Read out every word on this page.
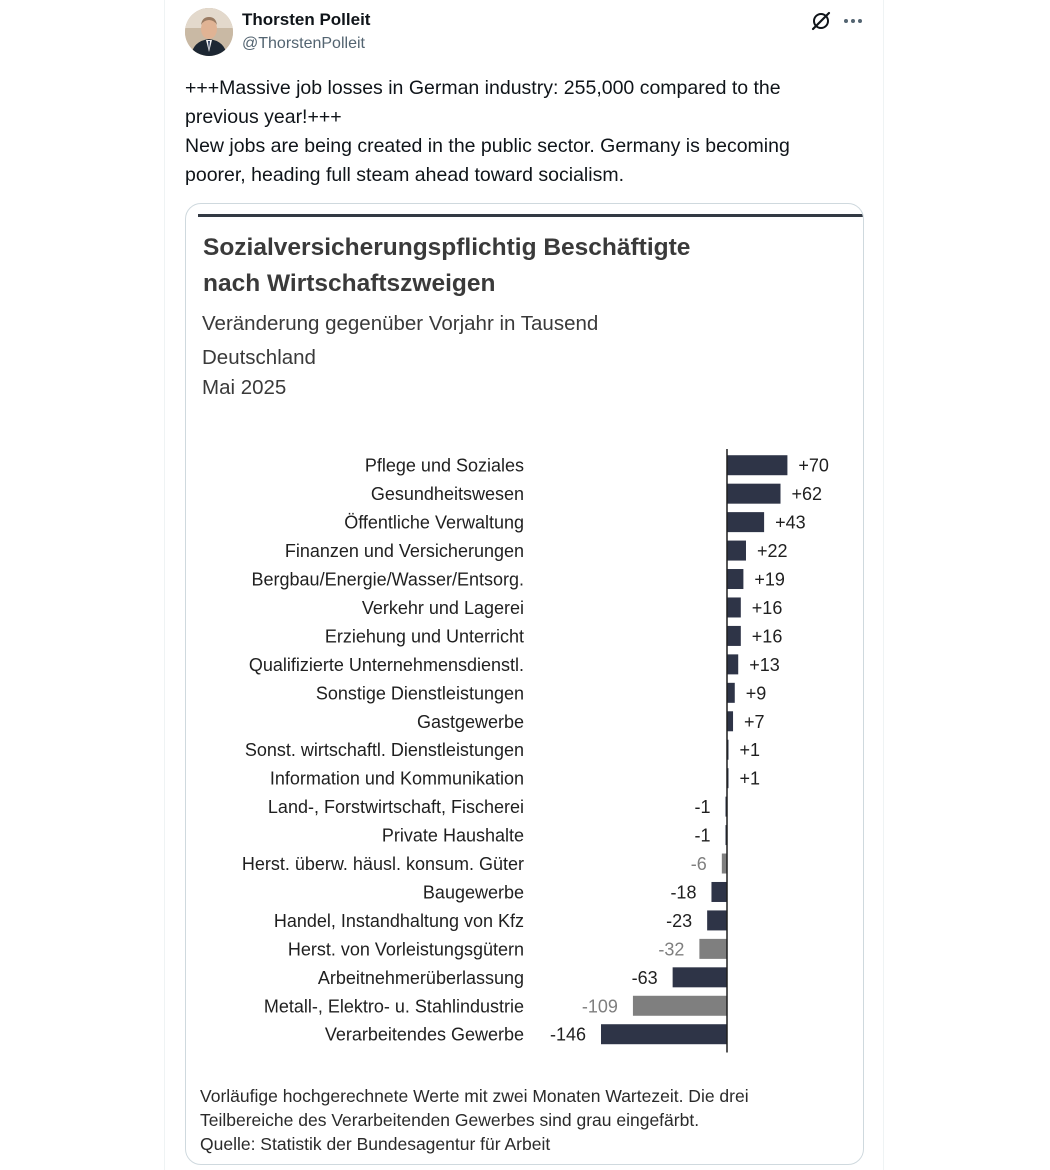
Thorsten Polleit
@ThorstenPolleit
+++Massive job losses in German industry: 255,000 compared to the
previous year!+++
New jobs are being created in the public sector. Germany is becoming
poorer, heading full steam ahead toward socialism.
Sozialversicherungspflichtig Beschäftigte
nach Wirtschaftszweigen
Veränderung gegenüber Vorjahr in Tausend
Deutschland
Mai 2025
Pflege und Soziales	+70
Gesundheitswesen	+62
Öffentliche Verwaltung	+43
Finanzen und Versicherungen	+22
Bergbau/Energie/Wasser/Entsorg.	+19
Verkehr und Lagerei	+16
Erziehung und Unterricht	+16
Qualifizierte Unternehmensdienstl.	+13
Sonstige Dienstleistungen	+9
Gastgewerbe	+7
Sonst. wirtschaftl. Dienstleistungen	+1
Information und Kommunikation	+1
Land-, Forstwirtschaft, Fischerei	-1
Private Haushalte	-1
Herst. überw. häusl. konsum. Güter	-6
Baugewerbe	-18
Handel, Instandhaltung von Kfz	-23
Herst. von Vorleistungsgütern	-32
Arbeitnehmerüberlassung	-63
Metall-, Elektro- u. Stahlindustrie	-109
Verarbeitendes Gewerbe -146
Vorläufige hochgerechnete Werte mit zwei Monaten Wartezeit. Die drei
Teilbereiche des Verarbeitenden Gewerbes sind grau eingefärbt.
Quelle: Statistik der Bundesagentur für Arbeit
